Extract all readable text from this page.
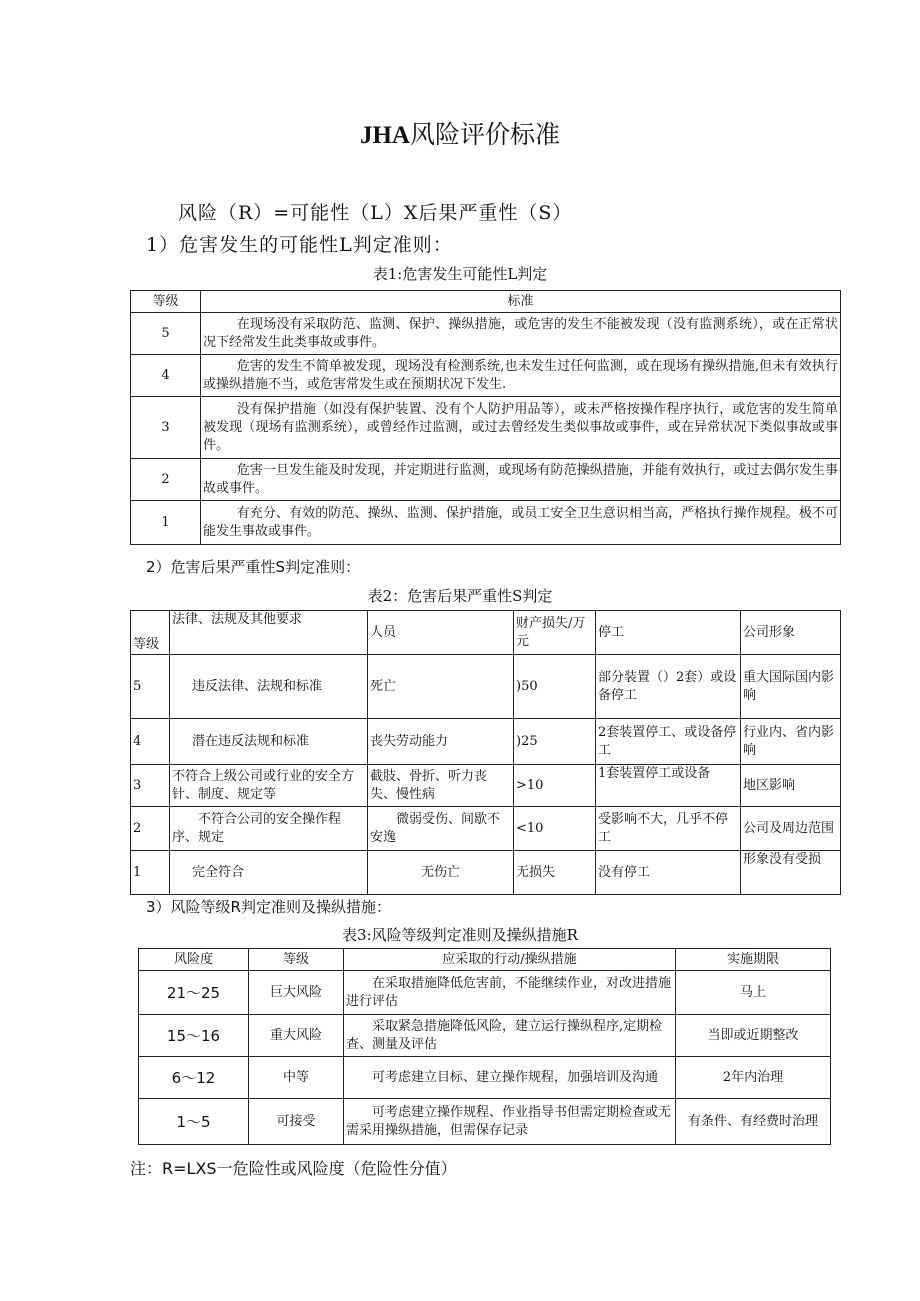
JHA风险评价标准
风险（R）=可能性（L）X后果严重性（S）
1）危害发生的可能性L判定准则：
表1:危害发生可能性L判定
等级	标准
5	在现场没有采取防范、监测、保护、操纵措施，或危害的发生不能被发现（没有监测系统），或在正常状况下经常发生此类事故或事件。
4	危害的发生不简单被发现，现场没有检测系统,也未发生过任何监测，或在现场有操纵措施,但未有效执行或操纵措施不当，或危害常发生或在预期状况下发生.
3	没有保护措施（如没有保护装置、没有个人防护用品等），或未严格按操作程序执行，或危害的发生简单被发现（现场有监测系统），或曾经作过监测，或过去曾经发生类似事故或事件，或在异常状况下类似事故或事件。
2	危害一旦发生能及时发现，并定期进行监测，或现场有防范操纵措施，并能有效执行，或过去偶尔发生事故或事件。
1	有充分、有效的防范、操纵、监测、保护措施，或员工安全卫生意识相当高，严格执行操作规程。极不可能发生事故或事件。
2）危害后果严重性S判定准则：
表2：危害后果严重性S判定
等级	法律、法规及其他要求	人员	财产损失/万元	停工	公司形象
5	违反法律、法规和标准	死亡	)50	部分装置（）2套）或设备停工	重大国际国内影响
4	潜在违反法规和标准	丧失劳动能力	)25	2套装置停工、或设备停工	行业内、省内影响
3	不符合上级公司或行业的安全方针、制度、规定等	截肢、骨折、听力丧失、慢性病	>10	1套装置停工或设备	地区影响
2	不符合公司的安全操作程序、规定	微弱受伤、间歇不安逸	<10	受影响不大，几乎不停工	公司及周边范围
1	完全符合	无伤亡	无损失	没有停工	形象没有受损
3）风险等级R判定准则及操纵措施：
表3:风险等级判定准则及操纵措施R
风险度	等级	应采取的行动/操纵措施	实施期限
21～25	巨大风险	在采取措施降低危害前，不能继续作业，对改进措施进行评估	马上
15～16	重大风险	采取紧急措施降低风险，建立运行操纵程序,定期检查、测量及评估	当即或近期整改
6～12	中等	可考虑建立目标、建立操作规程，加强培训及沟通	2年内治理
1～5	可接受	可考虑建立操作规程、作业指导书但需定期检查或无需采用操纵措施，但需保存记录	有条件、有经费时治理
注：R=LXS一危险性或风险度（危险性分值）
